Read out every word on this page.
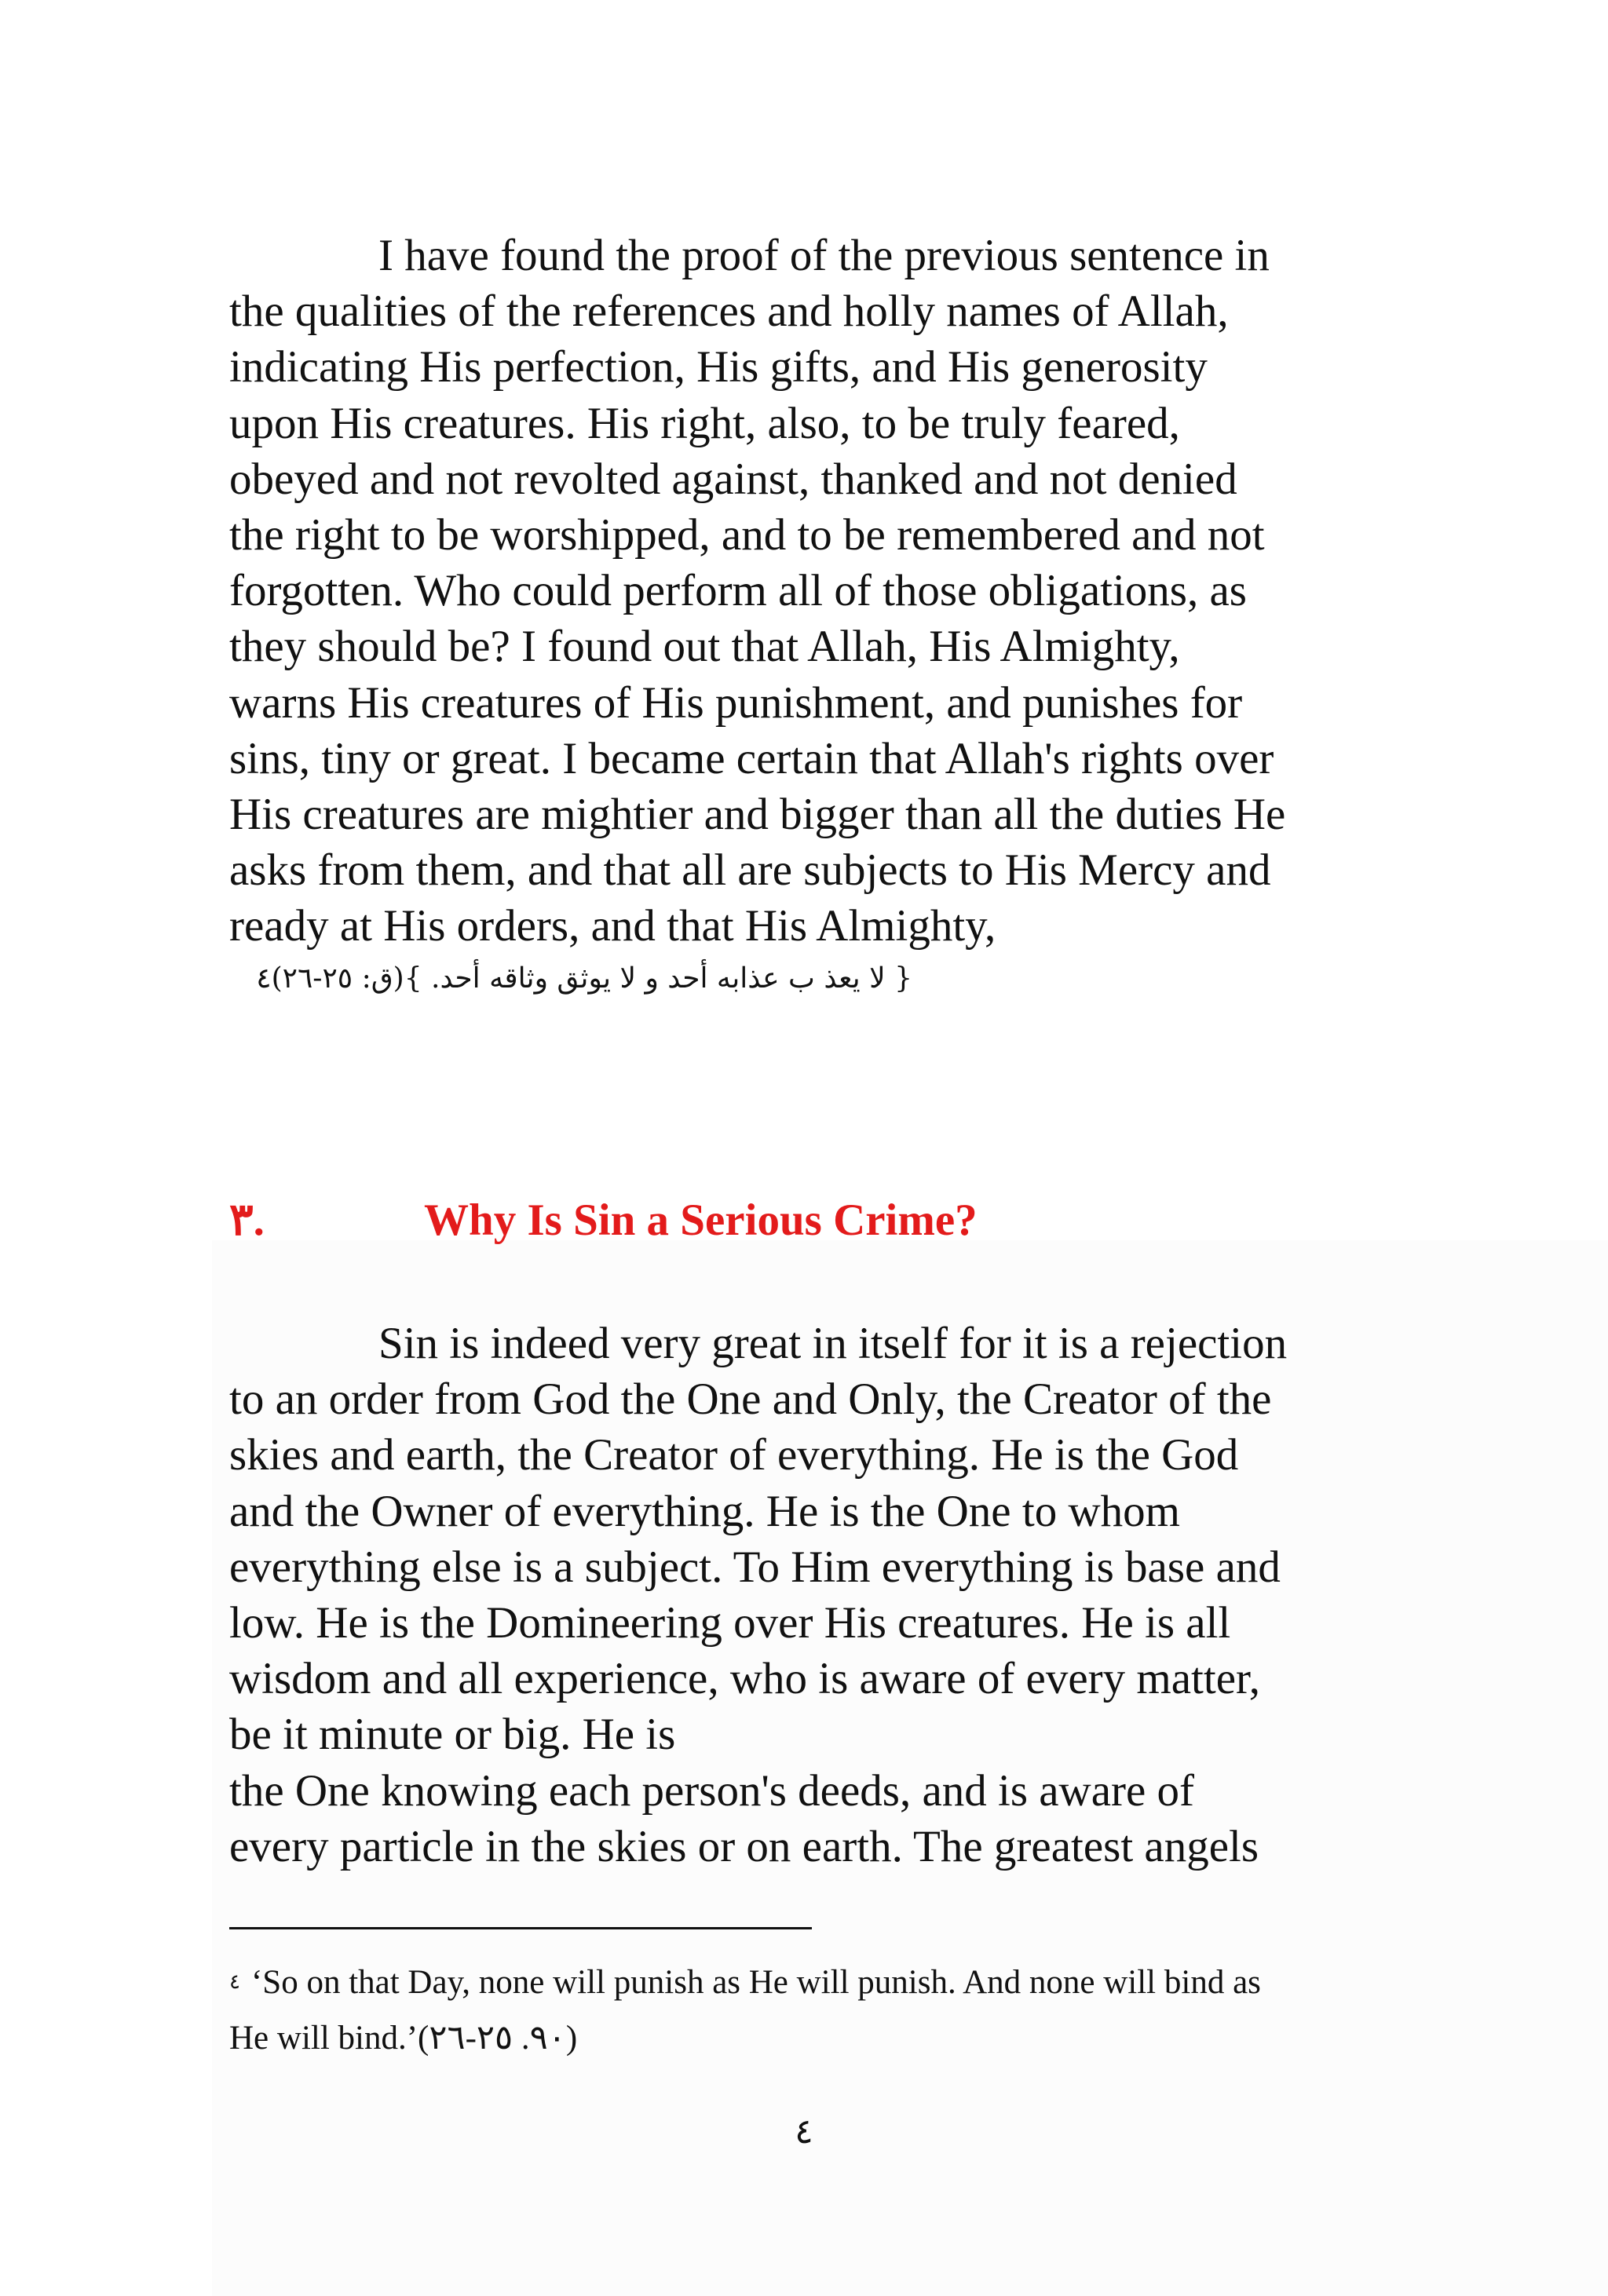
I have found the proof of the previous sentence in
the qualities of the references and holly names of Allah,
indicating His perfection, His gifts, and His generosity
upon His creatures. His right, also, to be truly feared,
obeyed and not revolted against, thanked and not denied
the right to be worshipped, and to be remembered and not
forgotten. Who could perform all of those obligations, as
they should be? I found out that Allah, His Almighty,
warns His creatures of His punishment, and punishes for
sins, tiny or great. I became certain that Allah's rights over
His creatures are mightier and bigger than all the duties He
asks from them, and that all are subjects to His Mercy and
ready at His orders, and that His Almighty,
{ لا يعذ ب عذابه أحد و لا يوثق وثاقه أحد. }(ق: ٢٥-٢٦)٤
٣.	Why Is Sin a Serious Crime?
Sin is indeed very great in itself for it is a rejection
to an order from God the One and Only, the Creator of the
skies and earth, the Creator of everything. He is the God
and the Owner of everything. He is the One to whom
everything else is a subject. To Him everything is base and
low. He is the Domineering over His creatures. He is all
wisdom and all experience, who is aware of every matter,
be it minute or big. He is
the One knowing each person's deeds, and is aware of
every particle in the skies or on earth. The greatest angels
$^٤$ ‘So on that Day, none will punish as He will punish. And none will bind as
He will bind.’(٩٠. ٢٥-٢٦)
٤
